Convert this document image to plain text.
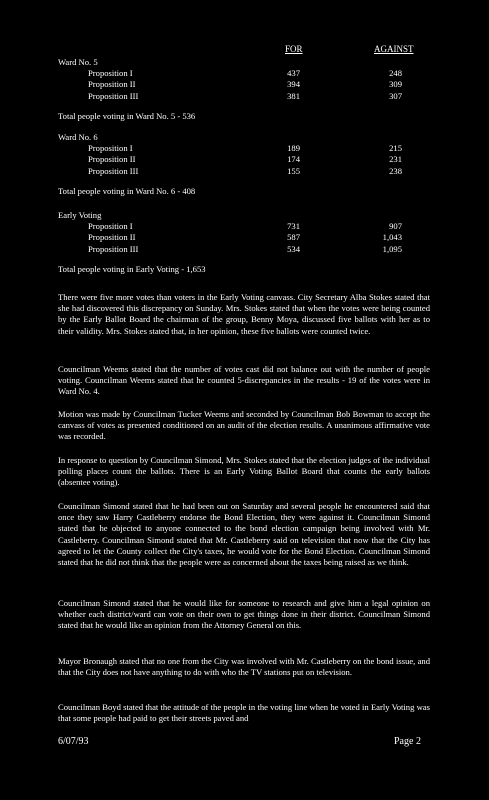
FOR	AGAINST
Ward No. 5
Proposition I	437	248
Proposition II	394	309
Proposition III	381	307
Total people voting in Ward No. 5 - 536
Ward No. 6
Proposition I	189	215
Proposition II	174	231
Proposition III	155	238
Total people voting in Ward No. 6 - 408
Early Voting
Proposition I	731	907
Proposition II	587	1,043
Proposition III	534	1,095
Total people voting in Early Voting - 1,653

There were five more votes than voters in the Early Voting canvass. City Secretary Alba Stokes stated that she had discovered this discrepancy on Sunday. Mrs. Stokes stated that when the votes were being counted by the Early Ballot Board the chairman of the group, Benny Moya, discussed five ballots with her as to their validity. Mrs. Stokes stated that, in her opinion, these five ballots were counted twice.

Councilman Weems stated that the number of votes cast did not balance out with the number of people voting. Councilman Weems stated that he counted 5-discrepancies in the results - 19 of the votes were in Ward No. 4.

Motion was made by Councilman Tucker Weems and seconded by Councilman Bob Bowman to accept the canvass of votes as presented conditioned on an audit of the election results. A unanimous affirmative vote was recorded.

In response to question by Councilman Simond, Mrs. Stokes stated that the election judges of the individual polling places count the ballots. There is an Early Voting Ballot Board that counts the early ballots (absentee voting).

Councilman Simond stated that he had been out on Saturday and several people he encountered said that once they saw Harry Castleberry endorse the Bond Election, they were against it. Councilman Simond stated that he objected to anyone connected to the bond election campaign being involved with Mr. Castleberry. Councilman Simond stated that Mr. Castleberry said on television that now that the City has agreed to let the County collect the City's taxes, he would vote for the Bond Election. Councilman Simond stated that he did not think that the people were as concerned about the taxes being raised as we think.

Councilman Simond stated that he would like for someone to research and give him a legal opinion on whether each district/ward can vote on their own to get things done in their district. Councilman Simond stated that he would like an opinion from the Attorney General on this.

Mayor Bronaugh stated that no one from the City was involved with Mr. Castleberry on the bond issue, and that the City does not have anything to do with who the TV stations put on television.

Councilman Boyd stated that the attitude of the people in the voting line when he voted in Early Voting was that some people had paid to get their streets paved and

6/07/93	Page 2
